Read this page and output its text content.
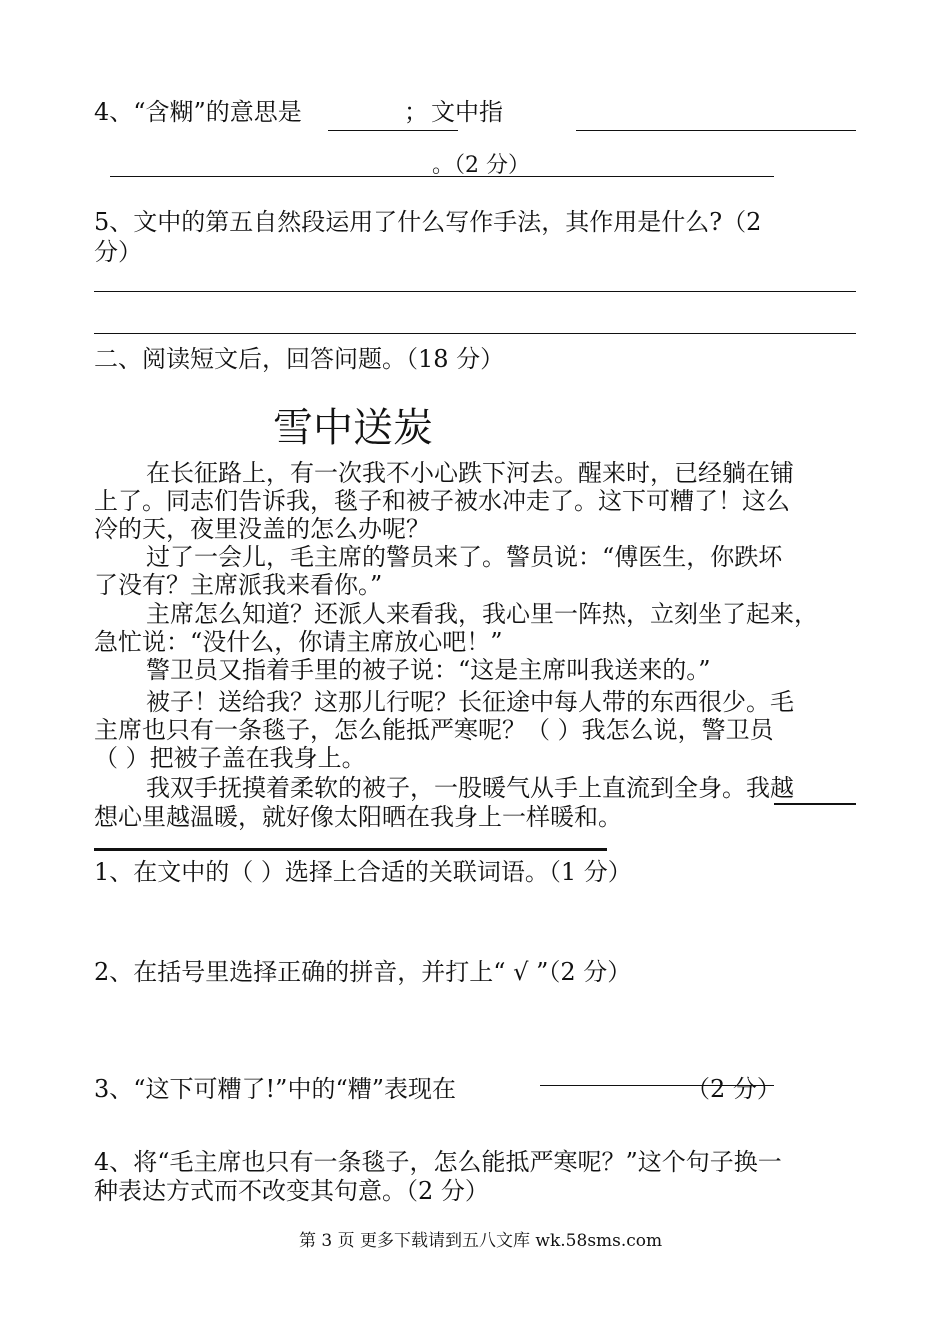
4、“含糊”的意思是	； 文中指
。（2 分）
5、文中的第五自然段运用了什么写作手法，其作用是什么?（2
分）
二、阅读短文后，回答问题。（18 分）
雪中送炭
在长征路上，有一次我不小心跌下河去。醒来时，已经躺在铺
上了。同志们告诉我，毯子和被子被水冲走了。这下可糟了！这么
冷的天，夜里没盖的怎么办呢？
过了一会儿，毛主席的警员来了。警员说：“傅医生，你跌坏
了没有？主席派我来看你。”
主席怎么知道？还派人来看我，我心里一阵热，立刻坐了起来，
急忙说：“没什么，你请主席放心吧！”
警卫员又指着手里的被子说：“这是主席叫我送来的。”
被子！送给我？这那儿行呢？长征途中每人带的东西很少。毛
主席也只有一条毯子，怎么能抵严寒呢？（ ）我怎么说，警卫员
（ ）把被子盖在我身上。
我双手抚摸着柔软的被子，一股暖气从手上直流到全身。我越
想心里越温暖，就好像太阳晒在我身上一样暖和。
1、在文中的（ ）选择上合适的关联词语。（1 分）
2、在括号里选择正确的拼音，并打上“ √ ”（2 分）
3、“这下可糟了!”中的“糟”表现在	（2 分）
4、将“毛主席也只有一条毯子，怎么能抵严寒呢？”这个句子换一
种表达方式而不改变其句意。（2 分）
第 3 页 更多下载请到五八文库 wk.58sms.com
